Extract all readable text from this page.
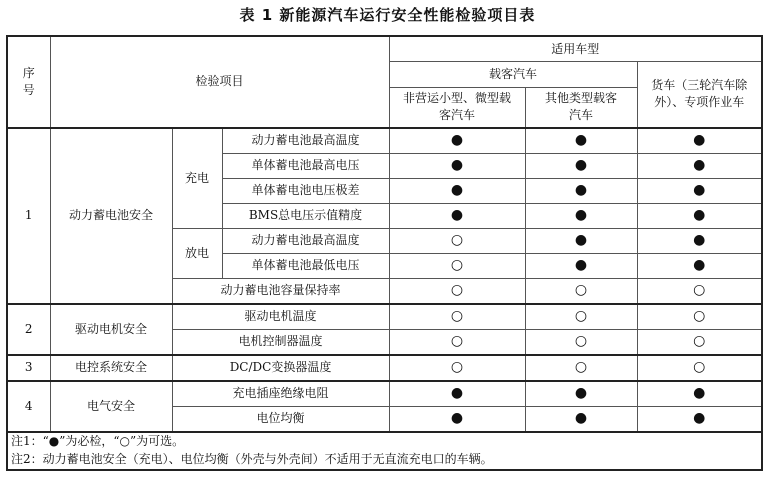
表 1 新能源汽车运行安全性能检验项目表
序号	检验项目			适用车型		
				载客汽车		货车（三轮汽车除外）、专项作业车
				非营运小型、微型载客汽车	其他类型载客汽车	
1	动力蓄电池安全	充电	动力蓄电池最高温度	●	●	●
			单体蓄电池最高电压	●	●	●
			单体蓄电池电压极差	●	●	●
			BMS总电压示值精度	●	●	●
		放电	动力蓄电池最高温度	○	●	●
			单体蓄电池最低电压	○	●	●
		动力蓄电池容量保持率	○	○	○
2	驱动电机安全	驱动电机温度	○	○	○
		电机控制器温度	○	○	○
3	电控系统安全	DC/DC变换器温度	○	○	○
4	电气安全	充电插座绝缘电阻	●	●	●
		电位均衡	●	●	●
注1：“●”为必检，“○”为可选。						
注2：动力蓄电池安全（充电）、电位均衡（外壳与外壳间）不适用于无直流充电口的车辆。						
